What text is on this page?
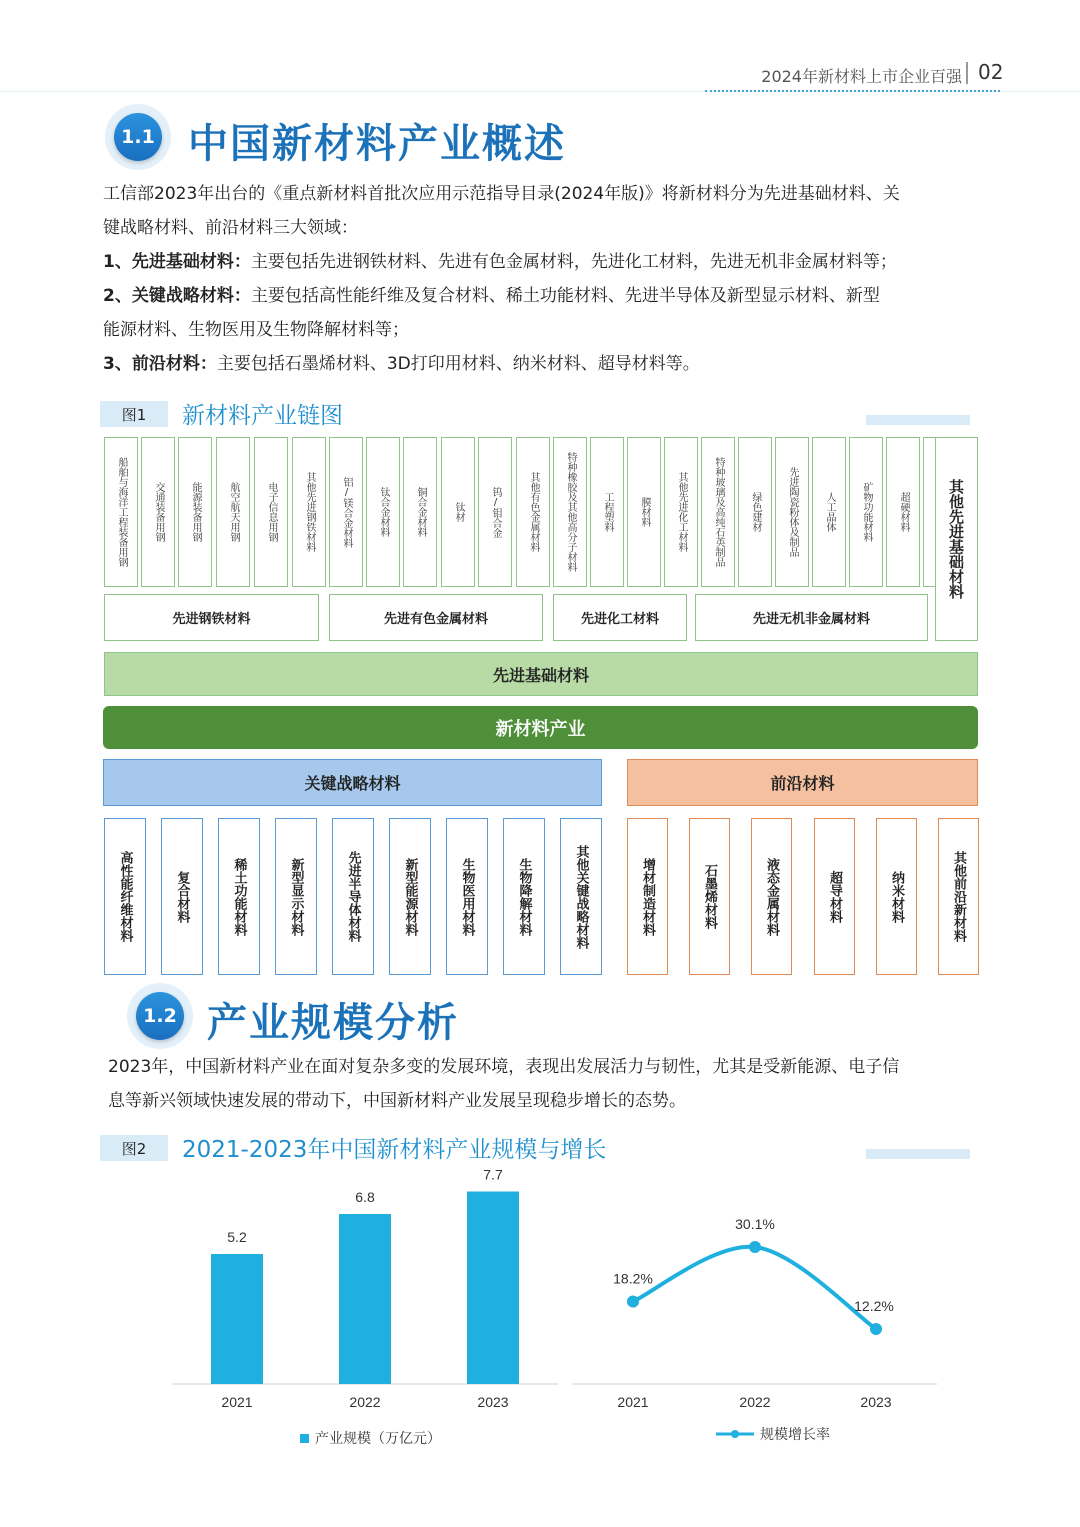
2024年新材料上市企业百强 02
1.1 中国新材料产业概述
工信部2023年出台的《重点新材料首批次应用示范指导目录(2024年版)》将新材料分为先进基础材料、关
键战略材料、前沿材料三大领域：
1、先进基础材料：主要包括先进钢铁材料、先进有色金属材料，先进化工材料，先进无机非金属材料等；
2、关键战略材料：主要包括高性能纤维及复合材料、稀土功能材料、先进半导体及新型显示材料、新型
能源材料、生物医用及生物降解材料等；
3、前沿材料：主要包括石墨烯材料、3D打印用材料、纳米材料、超导材料等。
图1	新材料产业链图
船舶与海洋工程装备用钢	交通装备用钢	能源装备用钢	航空航天用钢	电子信息用钢	其他先进钢铁材料	铝/镁合金材料	钛合金材料	铜合金材料	钛材	钨/钼合金	其他有色金属材料	特种橡胶及其他高分子材料	工程塑料	膜材料	其他先进化工材料	特种玻璃及高纯石英制品	绿色建材	先进陶瓷粉体及制品	人工晶体	矿物功能材料	超硬材料	其他先进基础材料
先进钢铁材料	先进有色金属材料	先进化工材料	先进无机非金属材料
先进基础材料
新材料产业
关键战略材料	前沿材料
高性能纤维材料	复合材料	稀土功能材料	新型显示材料	先进半导体材料	新型能源材料	生物医用材料	生物降解材料	其他关键战略材料	增材制造材料	石墨烯材料	液态金属材料	超导材料	纳米材料	其他前沿新材料
1.2 产业规模分析
2023年，中国新材料产业在面对复杂多变的发展环境，表现出发展活力与韧性，尤其是受新能源、电子信
息等新兴领域快速发展的带动下，中国新材料产业发展呈现稳步增长的态势。
图2	2021-2023年中国新材料产业规模与增长
5.2
2021
6.8
2022
7.7
2023
18.2%
2021
30.1%
2022
12.2%
2023
产业规模（万亿元）	规模增长率
